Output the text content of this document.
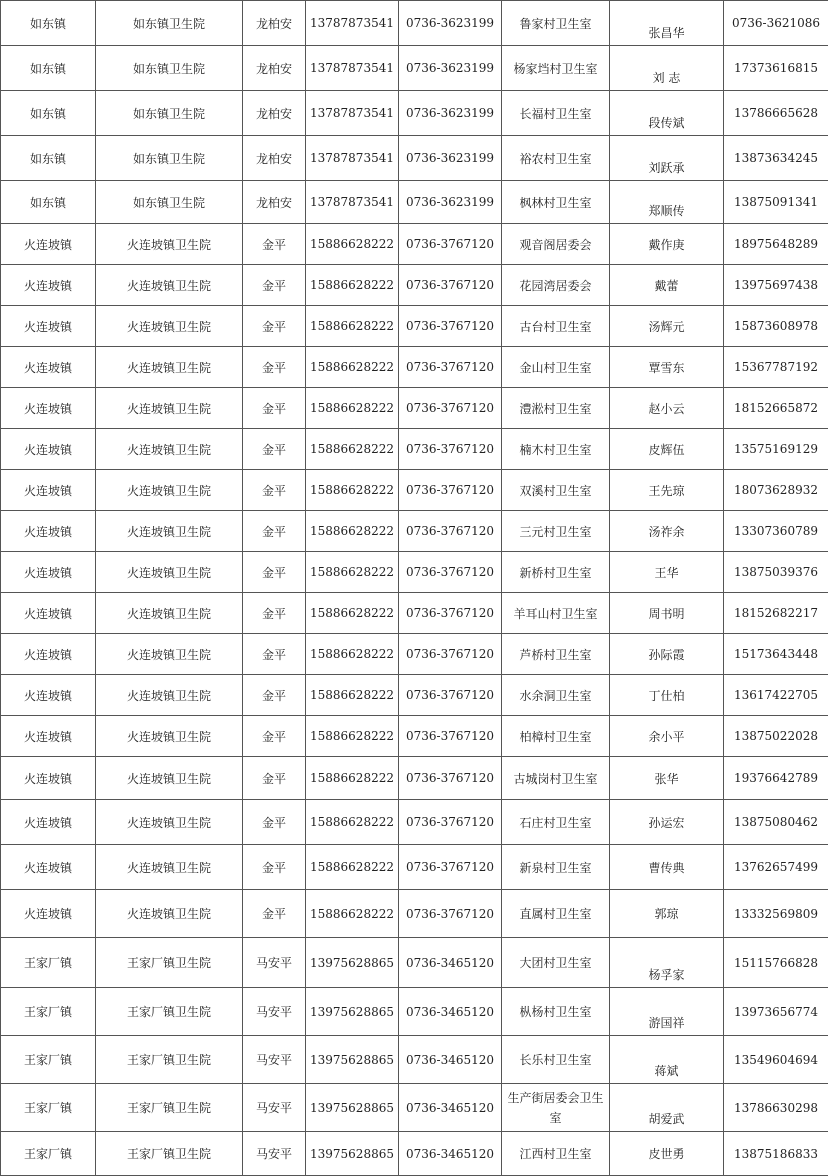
如东镇	如东镇卫生院	龙柏安	13787873541	0736-3623199	鲁家村卫生室	张昌华	0736-3621086
如东镇	如东镇卫生院	龙柏安	13787873541	0736-3623199	杨家垱村卫生室	刘 志	17373616815
如东镇	如东镇卫生院	龙柏安	13787873541	0736-3623199	长福村卫生室	段传斌	13786665628
如东镇	如东镇卫生院	龙柏安	13787873541	0736-3623199	裕农村卫生室	刘跃承	13873634245
如东镇	如东镇卫生院	龙柏安	13787873541	0736-3623199	枫林村卫生室	郑顺传	13875091341
火连坡镇	火连坡镇卫生院	金平	15886628222	0736-3767120	观音阁居委会	戴作庚	18975648289
火连坡镇	火连坡镇卫生院	金平	15886628222	0736-3767120	花园湾居委会	戴蕾	13975697438
火连坡镇	火连坡镇卫生院	金平	15886628222	0736-3767120	古台村卫生室	汤辉元	15873608978
火连坡镇	火连坡镇卫生院	金平	15886628222	0736-3767120	金山村卫生室	覃雪东	15367787192
火连坡镇	火连坡镇卫生院	金平	15886628222	0736-3767120	澧淞村卫生室	赵小云	18152665872
火连坡镇	火连坡镇卫生院	金平	15886628222	0736-3767120	楠木村卫生室	皮辉伍	13575169129
火连坡镇	火连坡镇卫生院	金平	15886628222	0736-3767120	双溪村卫生室	王先琼	18073628932
火连坡镇	火连坡镇卫生院	金平	15886628222	0736-3767120	三元村卫生室	汤祚余	13307360789
火连坡镇	火连坡镇卫生院	金平	15886628222	0736-3767120	新桥村卫生室	王华	13875039376
火连坡镇	火连坡镇卫生院	金平	15886628222	0736-3767120	羊耳山村卫生室	周书明	18152682217
火连坡镇	火连坡镇卫生院	金平	15886628222	0736-3767120	芦桥村卫生室	孙际霞	15173643448
火连坡镇	火连坡镇卫生院	金平	15886628222	0736-3767120	水余洞卫生室	丁仕柏	13617422705
火连坡镇	火连坡镇卫生院	金平	15886628222	0736-3767120	柏樟村卫生室	余小平	13875022028
火连坡镇	火连坡镇卫生院	金平	15886628222	0736-3767120	古城岗村卫生室	张华	19376642789
火连坡镇	火连坡镇卫生院	金平	15886628222	0736-3767120	石庄村卫生室	孙运宏	13875080462
火连坡镇	火连坡镇卫生院	金平	15886628222	0736-3767120	新泉村卫生室	曹传典	13762657499
火连坡镇	火连坡镇卫生院	金平	15886628222	0736-3767120	直属村卫生室	郭琼	13332569809
王家厂镇	王家厂镇卫生院	马安平	13975628865	0736-3465120	大团村卫生室	杨孚家	15115766828
王家厂镇	王家厂镇卫生院	马安平	13975628865	0736-3465120	枞杨村卫生室	游国祥	13973656774
王家厂镇	王家厂镇卫生院	马安平	13975628865	0736-3465120	长乐村卫生室	蒋斌	13549604694
王家厂镇	王家厂镇卫生院	马安平	13975628865	0736-3465120	生产街居委会卫生室	胡爱武	13786630298
王家厂镇	王家厂镇卫生院	马安平	13975628865	0736-3465120	江西村卫生室	皮世勇	13875186833
